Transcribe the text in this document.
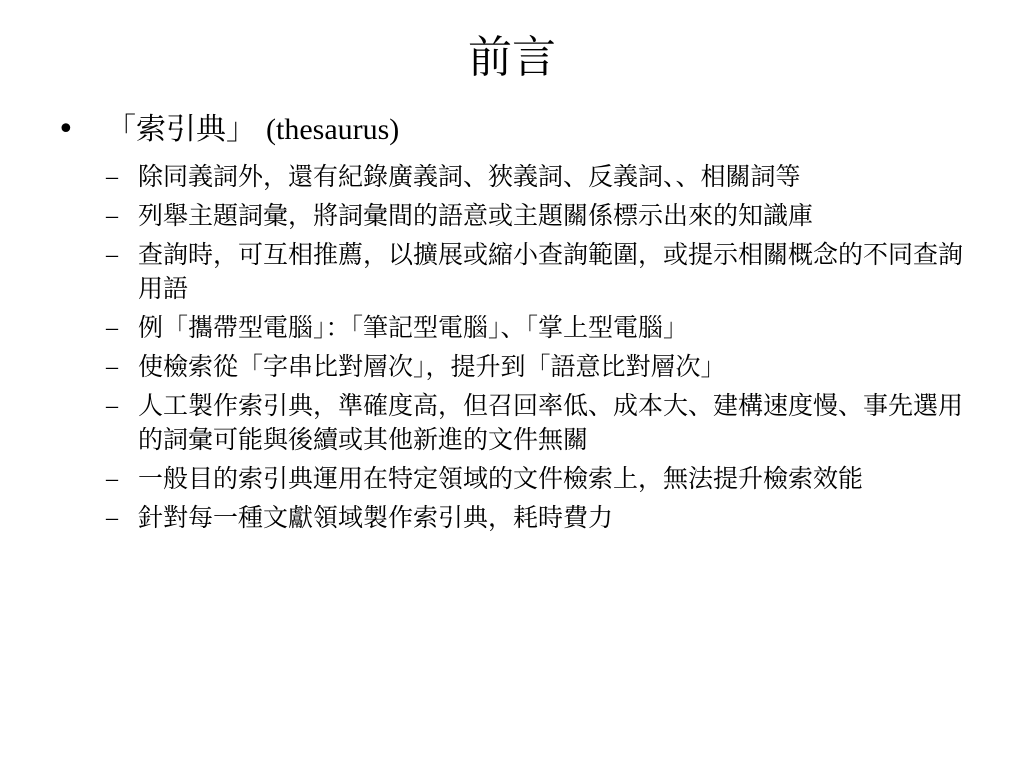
前言
• 「索引典」 (thesaurus)
– 除同義詞外，還有紀錄廣義詞、狹義詞、反義詞、、相關詞等
– 列舉主題詞彙，將詞彙間的語意或主題關係標示出來的知識庫
– 查詢時，可互相推薦，以擴展或縮小查詢範圍，或提示相關概念的不同查詢用語
– 例「攜帶型電腦」：「筆記型電腦」、「掌上型電腦」
– 使檢索從「字串比對層次」，提升到「語意比對層次」
– 人工製作索引典，準確度高，但召回率低、成本大、建構速度慢、事先選用的詞彙可能與後續或其他新進的文件無關
– 一般目的索引典運用在特定領域的文件檢索上，無法提升檢索效能
– 針對每一種文獻領域製作索引典，耗時費力
